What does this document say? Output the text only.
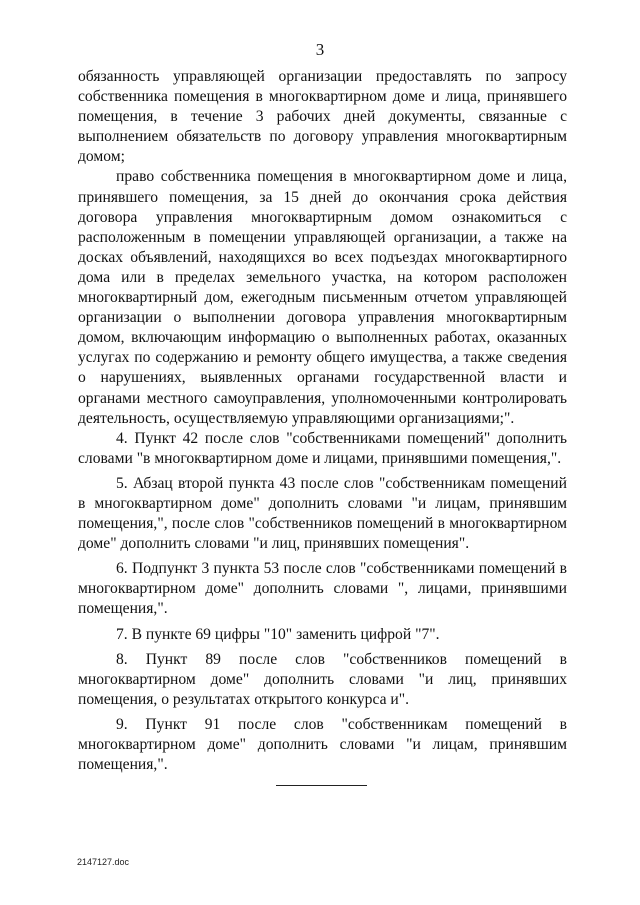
3

обязанность управляющей организации предоставлять по запросу собственника помещения в многоквартирном доме и лица, принявшего помещения, в течение 3 рабочих дней документы, связанные с выполнением обязательств по договору управления многоквартирным домом;

право собственника помещения в многоквартирном доме и лица, принявшего помещения, за 15 дней до окончания срока действия договора управления многоквартирным домом ознакомиться с расположенным в помещении управляющей организации, а также на досках объявлений, находящихся во всех подъездах многоквартирного дома или в пределах земельного участка, на котором расположен многоквартирный дом, ежегодным письменным отчетом управляющей организации о выполнении договора управления многоквартирным домом, включающим информацию о выполненных работах, оказанных услугах по содержанию и ремонту общего имущества, а также сведения о нарушениях, выявленных органами государственной власти и органами местного самоуправления, уполномоченными контролировать деятельность, осуществляемую управляющими организациями;".

4. Пункт 42 после слов "собственниками помещений" дополнить словами "в многоквартирном доме и лицами, принявшими помещения,".

5. Абзац второй пункта 43 после слов "собственникам помещений в многоквартирном доме" дополнить словами "и лицам, принявшим помещения,", после слов "собственников помещений в многоквартирном доме" дополнить словами "и лиц, принявших помещения".

6. Подпункт 3 пункта 53 после слов "собственниками помещений в многоквартирном доме" дополнить словами ", лицами, принявшими помещения,".

7. В пункте 69 цифры "10" заменить цифрой "7".

8. Пункт 89 после слов "собственников помещений в многоквартирном доме" дополнить словами "и лиц, принявших помещения, о результатах открытого конкурса и".

9. Пункт 91 после слов "собственникам помещений в многоквартирном доме" дополнить словами "и лицам, принявшим помещения,".

2147127.doc
